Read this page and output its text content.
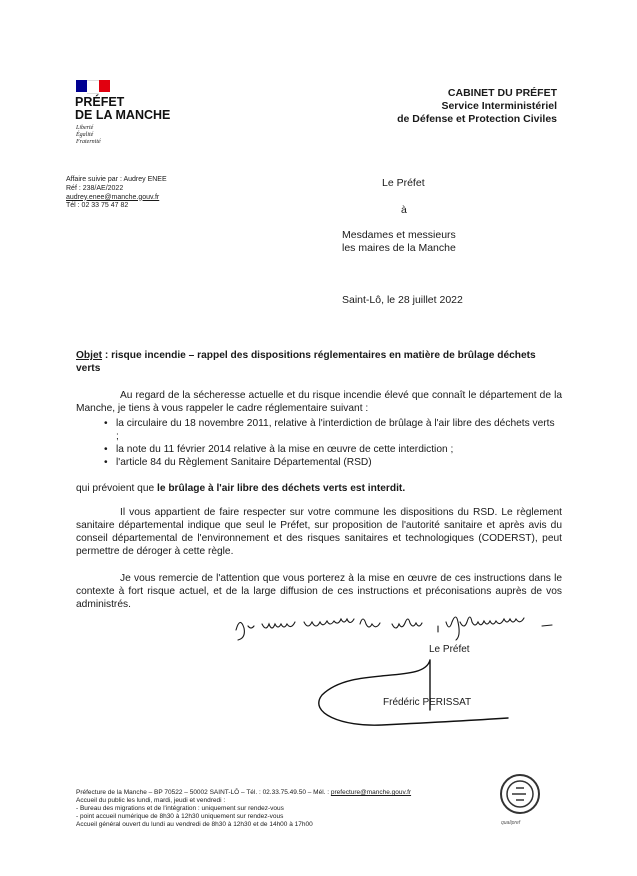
PRÉFET
DE LA MANCHE
Liberté
Égalité
Fraternité
CABINET DU PRÉFET
Service Interministériel
de Défense et Protection Civiles
Affaire suivie par : Audrey ENEE
Réf : 238/AE/2022
audrey.enee@manche.gouv.fr
Tél : 02 33 75 47 82
Le Préfet
à
Mesdames et messieurs
les maires de la Manche
Saint-Lô, le 28 juillet 2022
Objet : risque incendie – rappel des dispositions réglementaires en matière de brûlage déchets verts
Au regard de la sécheresse actuelle et du risque incendie élevé que connaît le département de la Manche, je tiens à vous rappeler le cadre réglementaire suivant :
• la circulaire du 18 novembre 2011, relative à l'interdiction de brûlage à l'air libre des déchets verts ;
• la note du 11 février 2014 relative à la mise en œuvre de cette interdiction ;
• l'article 84 du Règlement Sanitaire Départemental (RSD)
qui prévoient que le brûlage à l'air libre des déchets verts est interdit.
Il vous appartient de faire respecter sur votre commune les dispositions du RSD. Le règlement sanitaire départemental indique que seul le Préfet, sur proposition de l'autorité sanitaire et après avis du conseil départemental de l'environnement et des risques sanitaires et technologiques (CODERST), peut permettre de déroger à cette règle.
Je vous remercie de l'attention que vous porterez à la mise en œuvre de ces instructions dans le contexte à fort risque actuel, et de la large diffusion de ces instructions et préconisations auprès de vos administrés.
Le Préfet
Frédéric PERISSAT
Préfecture de la Manche – BP 70522 – 50002 SAINT-LÔ – Tél. : 02.33.75.49.50 – Mél. : prefecture@manche.gouv.fr
Accueil du public les lundi, mardi, jeudi et vendredi :
- Bureau des migrations et de l'intégration : uniquement sur rendez-vous
- point accueil numérique de 8h30 à 12h30 uniquement sur rendez-vous
Accueil général ouvert du lundi au vendredi de 8h30 à 12h30 et de 14h00 à 17h00	qualipref
